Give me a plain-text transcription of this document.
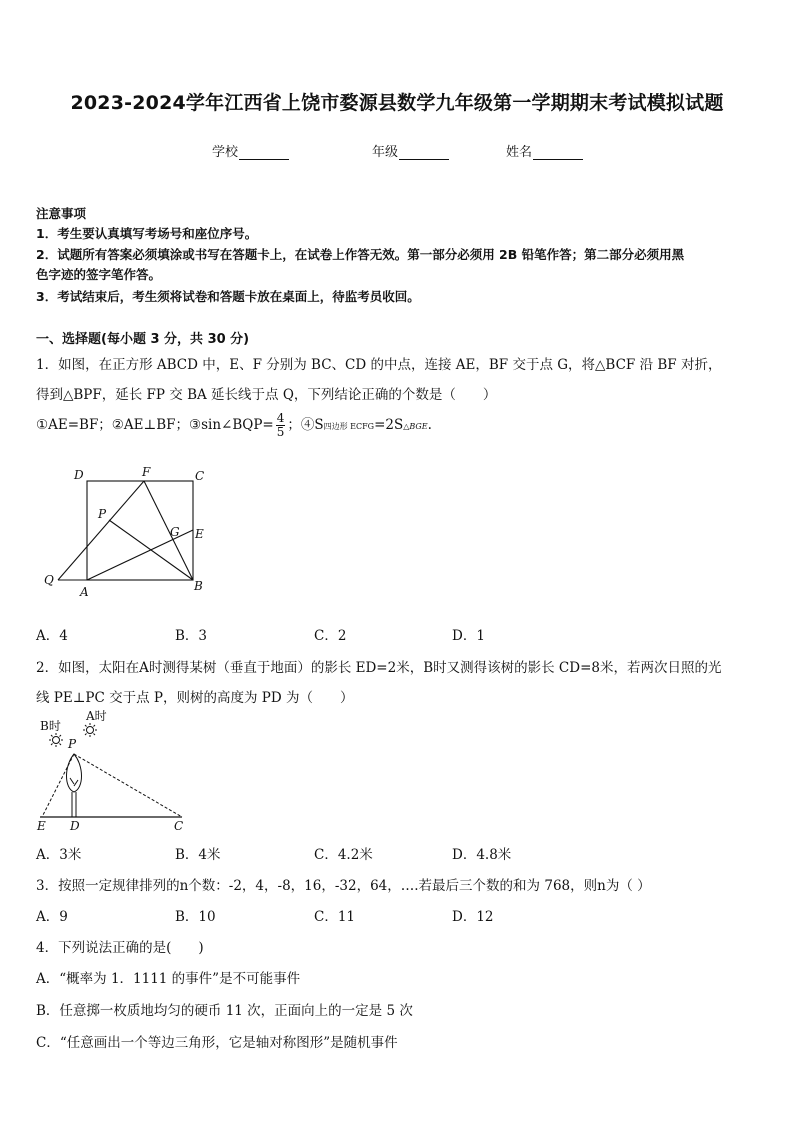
2023-2024学年江西省上饶市婺源县数学九年级第一学期期末考试模拟试题
学校	年级	姓名
注意事项
1．考生要认真填写考场号和座位序号。
2．试题所有答案必须填涂或书写在答题卡上，在试卷上作答无效。第一部分必须用 2B 铅笔作答；第二部分必须用黑
色字迹的签字笔作答。
3．考试结束后，考生须将试卷和答题卡放在桌面上，待监考员收回。
一、选择题(每小题 3 分，共 30 分)
1．如图，在正方形 ABCD 中，E、F 分别为 BC、CD 的中点，连接 AE，BF 交于点 G，将△BCF 沿 BF 对折，
得到△BPF，延长 FP 交 BA 延长线于点 Q，下列结论正确的个数是（　　）
①AE=BF；②AE⊥BF；③sin∠BQP= $\frac{4}{5}$ ；④S四边形 ECFG=2S△BGE.
D	F	C
P
G E
Q
A	B
A．4	B．3	C．2	D．1
2．如图，太阳在A时测得某树（垂直于地面）的影长 ED=2米，B时又测得该树的影长 CD=8米，若两次日照的光
线 PE⊥PC 交于点 P，则树的高度为 PD 为（　　）
B时
A时
P
E D	C
A．3米	B．4米	C．4.2米	D．4.8米
3．按照一定规律排列的n个数：-2，4，-8，16，-32，64，….若最后三个数的和为 768，则n为（ ）
A．9	B．10	C．11	D．12
4．下列说法正确的是(　　)
A．“概率为 1．1111 的事件”是不可能事件
B．任意掷一枚质地均匀的硬币 11 次，正面向上的一定是 5 次
C．“任意画出一个等边三角形，它是轴对称图形”是随机事件
